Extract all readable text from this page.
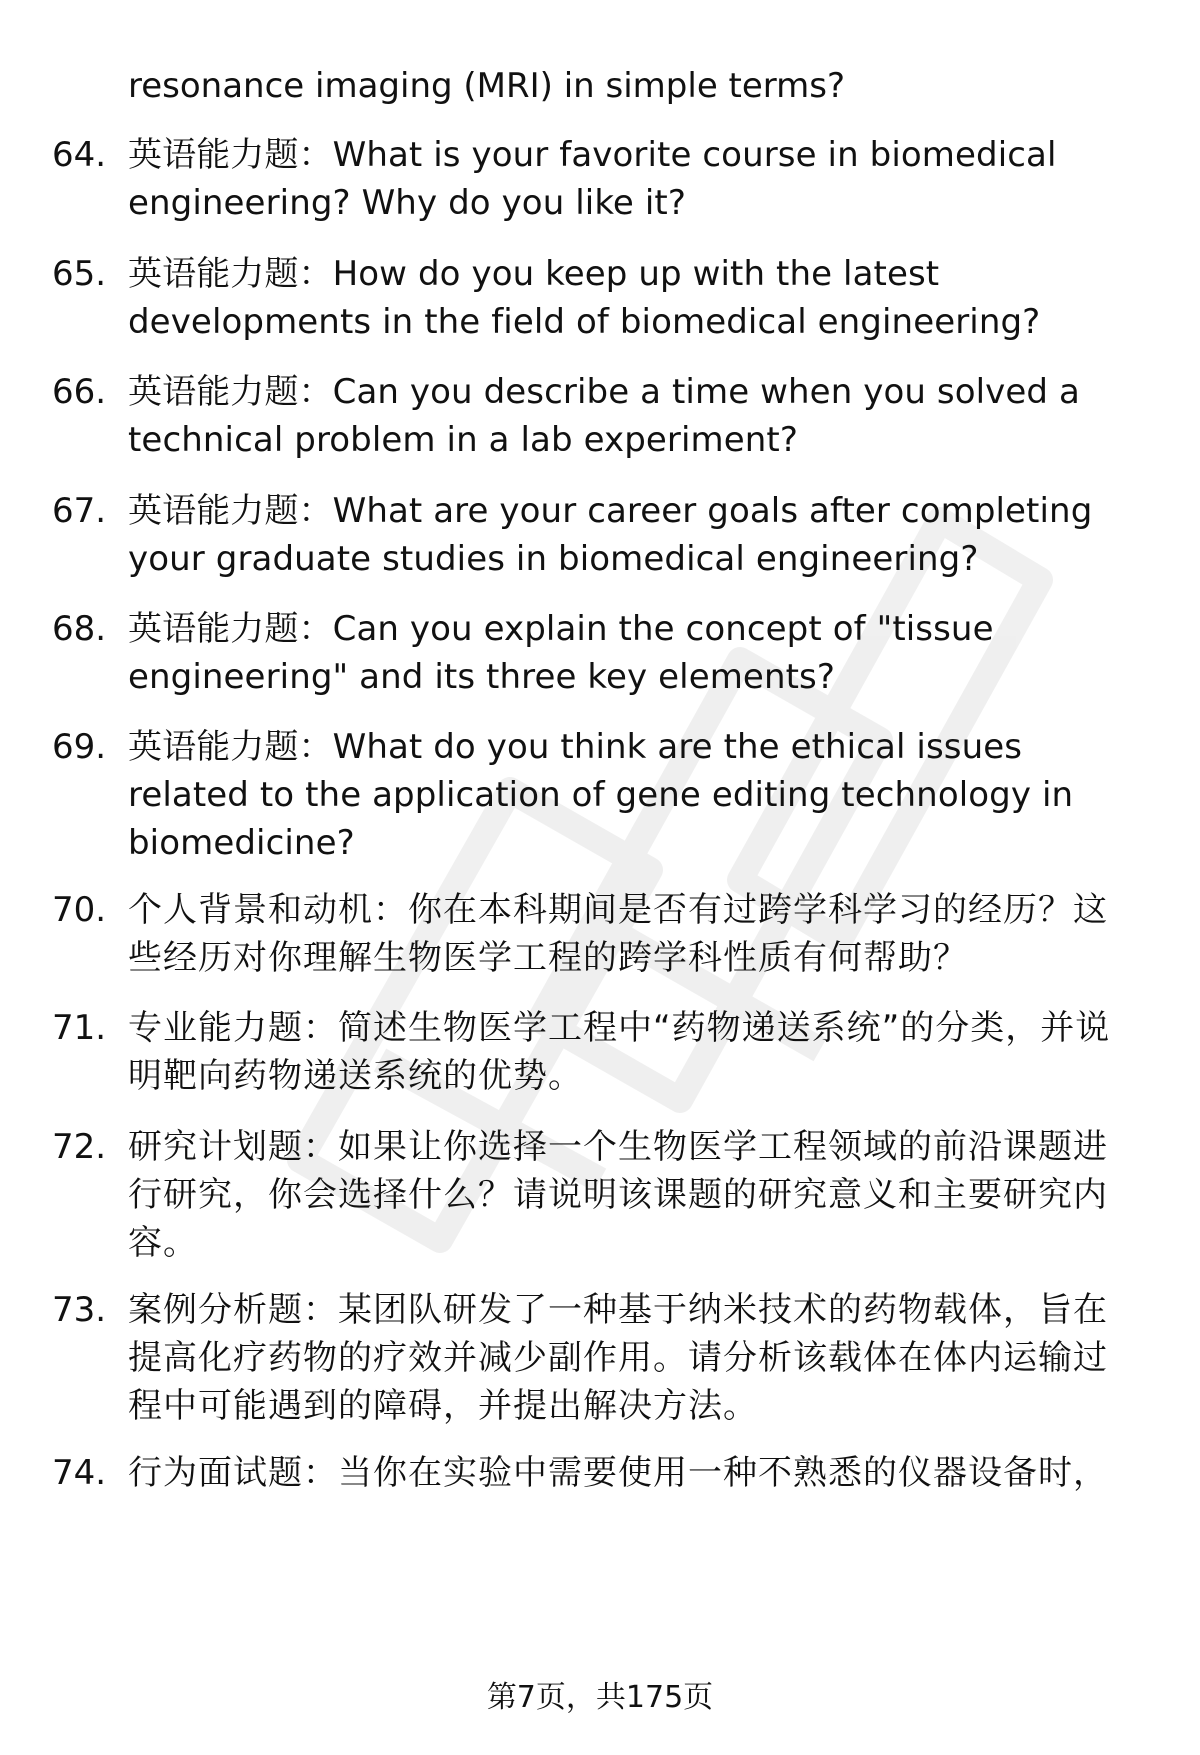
resonance imaging (MRI) in simple terms?
64. 英语能力题：What is your favorite course in biomedical engineering? Why do you like it?
65. 英语能力题：How do you keep up with the latest developments in the field of biomedical engineering?
66. 英语能力题：Can you describe a time when you solved a technical problem in a lab experiment?
67. 英语能力题：What are your career goals after completing your graduate studies in biomedical engineering?
68. 英语能力题：Can you explain the concept of "tissue engineering" and its three key elements?
69. 英语能力题：What do you think are the ethical issues related to the application of gene editing technology in biomedicine?
70. 个人背景和动机：你在本科期间是否有过跨学科学习的经历？这些经历对你理解生物医学工程的跨学科性质有何帮助？
71. 专业能力题：简述生物医学工程中“药物递送系统”的分类，并说明靶向药物递送系统的优势。
72. 研究计划题：如果让你选择一个生物医学工程领域的前沿课题进行研究，你会选择什么？请说明该课题的研究意义和主要研究内容。
73. 案例分析题：某团队研发了一种基于纳米技术的药物载体，旨在提高化疗药物的疗效并减少副作用。请分析该载体在体内运输过程中可能遇到的障碍，并提出解决方法。
74. 行为面试题：当你在实验中需要使用一种不熟悉的仪器设备时，
第7页，共175页
